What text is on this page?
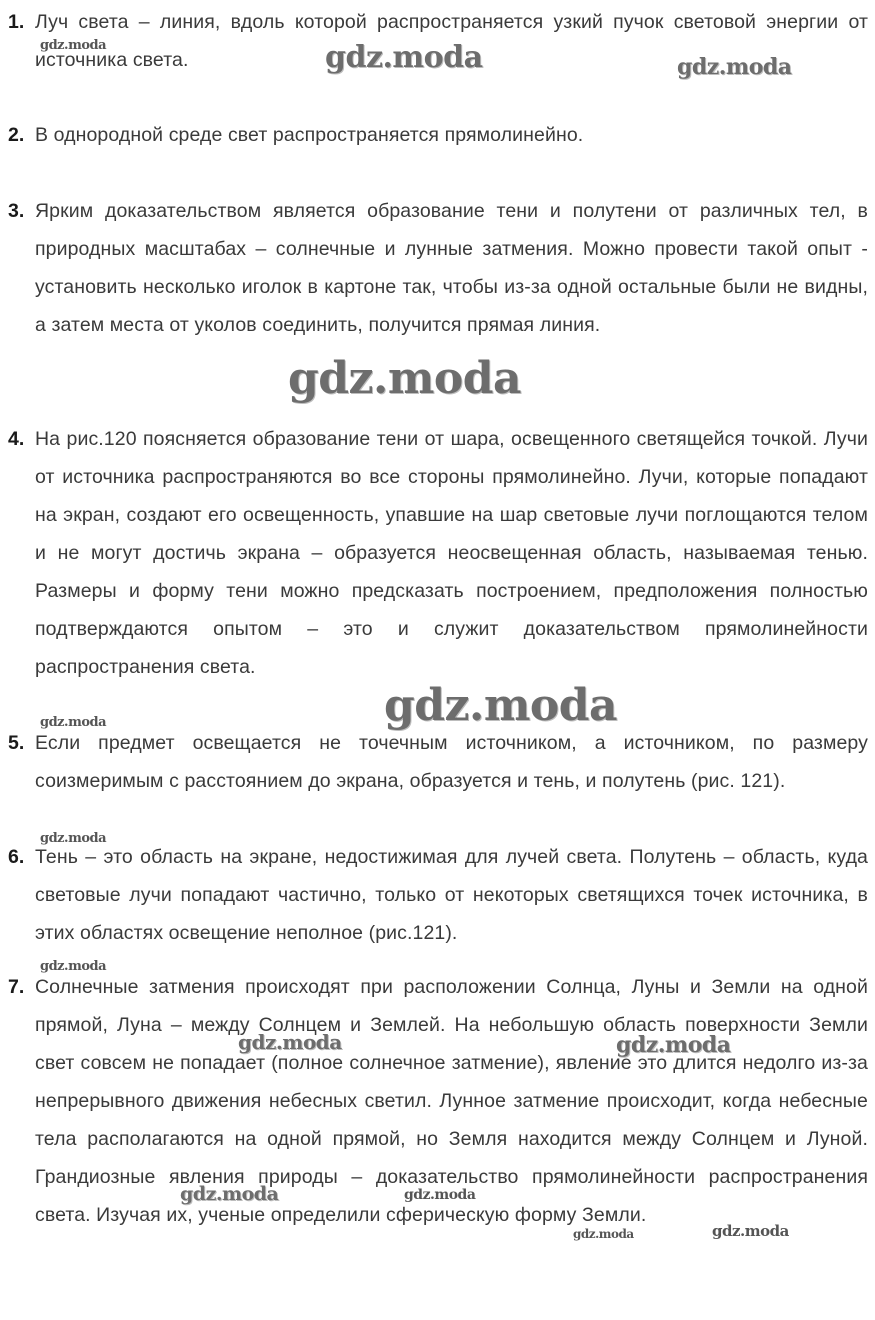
1. Луч света – линия, вдоль которой распространяется узкий пучок световой энергии от источника света.
2. В однородной среде свет распространяется прямолинейно.
3. Ярким доказательством является образование тени и полутени от различных тел, в природных масштабах – солнечные и лунные затмения. Можно провести такой опыт - установить несколько иголок в картоне так, чтобы из-за одной остальные были не видны, а затем места от уколов соединить, получится прямая линия.
4. На рис.120 поясняется образование тени от шара, освещенного светящейся точкой. Лучи от источника распространяются во все стороны прямолинейно. Лучи, которые попадают на экран, создают его освещенность, упавшие на шар световые лучи поглощаются телом и не могут достичь экрана – образуется неосвещенная область, называемая тенью. Размеры и форму тени можно предсказать построением, предположения полностью подтверждаются опытом – это и служит доказательством прямолинейности распространения света.
5. Если предмет освещается не точечным источником, а источником, по размеру соизмеримым с расстоянием до экрана, образуется и тень, и полутень (рис. 121).
6. Тень – это область на экране, недостижимая для лучей света. Полутень – область, куда световые лучи попадают частично, только от некоторых светящихся точек источника, в этих областях освещение неполное (рис.121).
7. Солнечные затмения происходят при расположении Солнца, Луны и Земли на одной прямой, Луна – между Солнцем и Землей. На небольшую область поверхности Земли свет совсем не попадает (полное солнечное затмение), явление это длится недолго из-за непрерывного движения небесных светил. Лунное затмение происходит, когда небесные тела располагаются на одной прямой, но Земля находится между Солнцем и Луной. Грандиозные явления природы – доказательство прямолинейности распространения света. Изучая их, ученые определили сферическую форму Земли.
gdz.moda	gdz.moda	gdz.moda
gdz.moda
gdz.moda
gdz.moda
gdz.moda
gdz.moda
gdz.moda	gdz.moda
gdz.moda	gdz.moda
gdz.moda	gdz.moda
